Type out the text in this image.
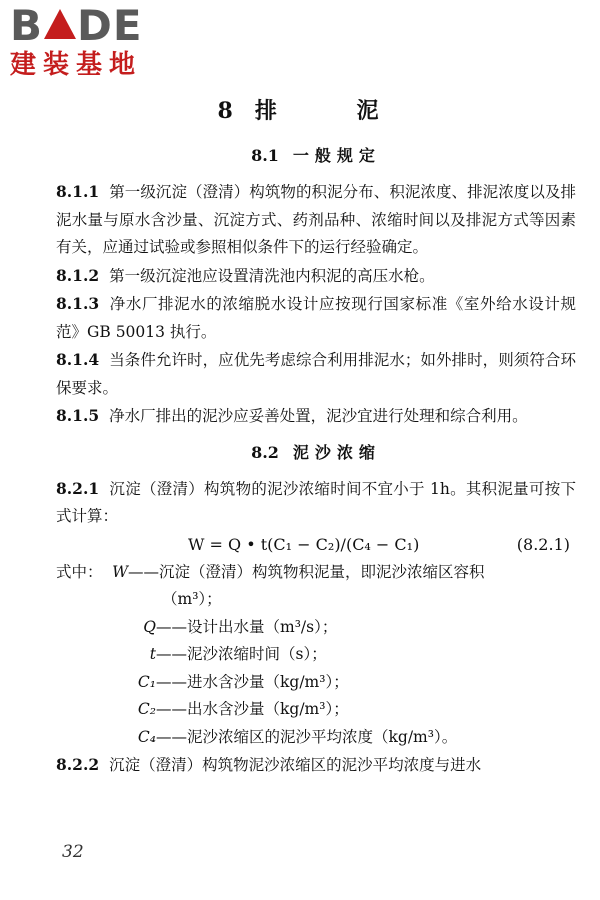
B DE
建装基地
8 排 泥
8.1 一般规定

8.1.1 第一级沉淀（澄清）构筑物的积泥分布、积泥浓度、排泥浓度以及排泥水量与原水含沙量、沉淀方式、药剂品种、浓缩时间以及排泥方式等因素有关，应通过试验或参照相似条件下的运行经验确定。

8.1.2 第一级沉淀池应设置清洗池内积泥的高压水枪。

8.1.3 净水厂排泥水的浓缩脱水设计应按现行国家标准《室外给水设计规范》GB 50013 执行。

8.1.4 当条件允许时，应优先考虑综合利用排泥水；如外排时，则须符合环保要求。

8.1.5 净水厂排出的泥沙应妥善处置，泥沙宜进行处理和综合利用。

8.2 泥沙浓缩

8.2.1 沉淀（澄清）构筑物的泥沙浓缩时间不宜小于 1h。其积泥量可按下式计算：

W = Q • t(C₁ − C₂)/(C₄ − C₁)	(8.2.1)
式中： W ——沉淀（澄清）构筑物积泥量，即泥沙浓缩区容积
（m³）；
Q ——设计出水量（m³/s）；
t ——泥沙浓缩时间（s）；
C₁ ——进水含沙量（kg/m³）；
C₂ ——出水含沙量（kg/m³）；
C₄ ——泥沙浓缩区的泥沙平均浓度（kg/m³）。

8.2.2 沉淀（澄清）构筑物泥沙浓缩区的泥沙平均浓度与进水

32
